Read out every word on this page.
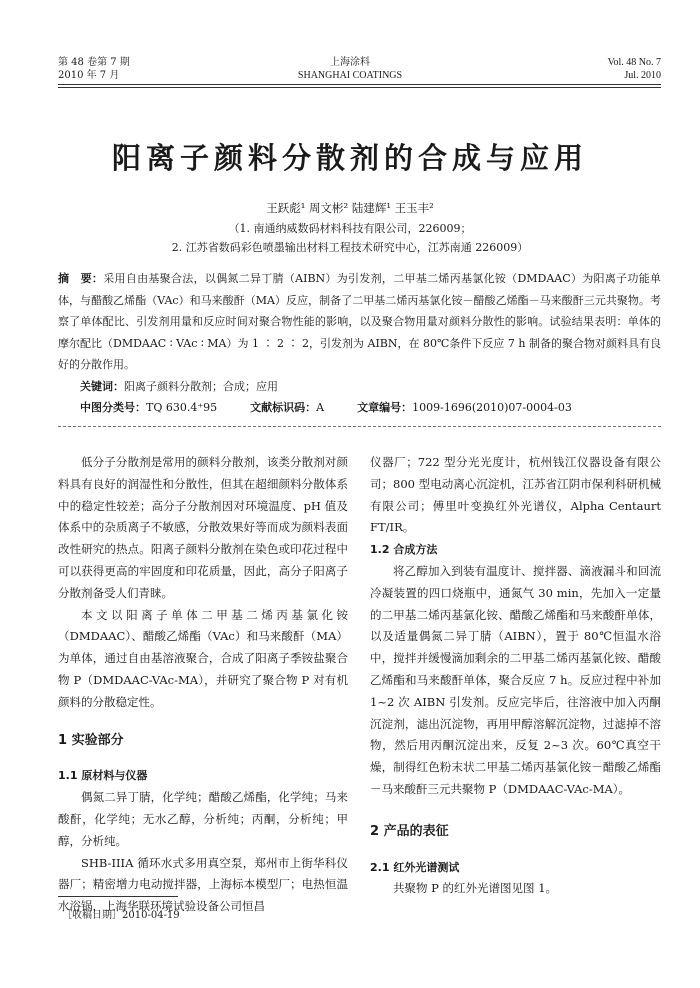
第 48 卷第 7 期
2010 年 7 月
上海涂料
SHANGHAI COATINGS
Vol. 48 No. 7
Jul. 2010
阳离子颜料分散剂的合成与应用
王跃彪¹ 周文彬² 陆建辉¹ 王玉丰²
（1. 南通纳威数码材料科技有限公司，226009；
2. 江苏省数码彩色喷墨输出材料工程技术研究中心，江苏南通 226009）

摘　要：采用自由基聚合法，以偶氮二异丁腈（AIBN）为引发剂，二甲基二烯丙基氯化铵（DMDAAC）为阳离子功能单体，与醋酸乙烯酯（VAc）和马来酸酐（MA）反应，制备了二甲基二烯丙基氯化铵－醋酸乙烯酯－马来酸酐三元共聚物。考察了单体配比、引发剂用量和反应时间对聚合物性能的影响，以及聚合物用量对颜料分散性的影响。试验结果表明：单体的摩尔配比（DMDAAC ∶ VAc ∶ MA）为 1 ∶ 2 ∶ 2，引发剂为 AIBN，在 80℃条件下反应 7 h 制备的聚合物对颜料具有良好的分散作用。

关键词：阳离子颜料分散剂；合成；应用

中图分类号：TQ 630.4⁺95	文献标识码：A	文章编号：1009-1696(2010)07-0004-03

低分子分散剂是常用的颜料分散剂，该类分散剂对颜料具有良好的润湿性和分散性，但其在超细颜料分散体系中的稳定性较差；高分子分散剂因对环境温度、pH 值及体系中的杂质离子不敏感，分散效果好等而成为颜料表面改性研究的热点。阳离子颜料分散剂在染色或印花过程中可以获得更高的牢固度和印花质量，因此，高分子阳离子分散剂备受人们青睐。

本文以阳离子单体二甲基二烯丙基氯化铵（DMDAAC）、醋酸乙烯酯（VAc）和马来酸酐（MA）为单体，通过自由基溶液聚合，合成了阳离子季铵盐聚合物 P（DMDAAC-VAc-MA），并研究了聚合物 P 对有机颜料的分散稳定性。

1 实验部分
1.1 原材料与仪器

偶氮二异丁腈，化学纯；醋酸乙烯酯，化学纯；马来酸酐，化学纯；无水乙醇，分析纯；丙酮，分析纯；甲醇，分析纯。

SHB-IIIA 循环水式多用真空泵，郑州市上街华科仪器厂；精密增力电动搅拌器，上海标本模型厂；电热恒温水浴锅，上海华联环境试验设备公司恒昌

仪器厂；722 型分光光度计，杭州钱江仪器设备有限公司；800 型电动离心沉淀机，江苏省江阴市保利科研机械有限公司；傅里叶变换红外光谱仪，Alpha Centaurt FT/IR。

1.2 合成方法

将乙醇加入到装有温度计、搅拌器、滴液漏斗和回流冷凝装置的四口烧瓶中，通氮气 30 min，先加入一定量的二甲基二烯丙基氯化铵、醋酸乙烯酯和马来酸酐单体，以及适量偶氮二异丁腈（AIBN），置于 80℃恒温水浴中，搅拌并缓慢滴加剩余的二甲基二烯丙基氯化铵、醋酸乙烯酯和马来酸酐单体，聚合反应 7 h。反应过程中补加 1~2 次 AIBN 引发剂。反应完毕后，往溶液中加入丙酮沉淀剂，滤出沉淀物，再用甲醇溶解沉淀物，过滤掉不溶物，然后用丙酮沉淀出来，反复 2~3 次。60℃真空干燥，制得红色粉末状二甲基二烯丙基氯化铵－醋酸乙烯酯－马来酸酐三元共聚物 P（DMDAAC-VAc-MA）。

2 产品的表征
2.1 红外光谱测试

共聚物 P 的红外光谱图见图 1。

［收稿日期］2010-04-19
